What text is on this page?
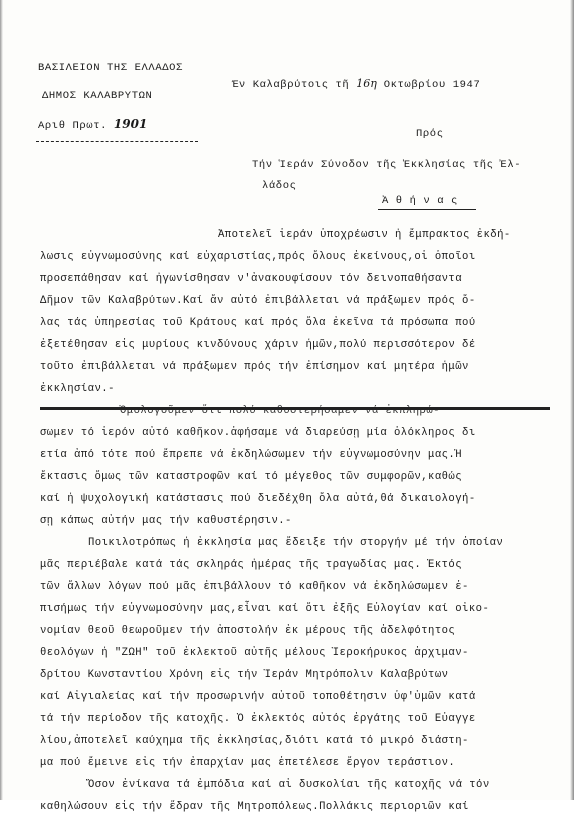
ΒΑΣΙΛΕΙΟΝ ΤΗΣ ΕΛΛΑΔΟΣ
ΔΗΜΟΣ ΚΑΛΑΒΡΥΤΩΝ
Αριθ Πρωτ. 1901
Έν Καλαβρύτοις τῆ 16η Οκτωβρίου 1947
Πρός
Τήν Ἱεράν Σύνοδον τῆς Ἐκκλησίας τῆς Ἐλ-
λάδος
Ἀ θ ή ν α ς
Ἀποτελεῖ ἱεράν ὑποχρέωσιν ἡ ἔμπρακτος ἐκδή-
λωσις εὐγνωμοσύνης καί εὐχαριστίας,πρός ὅλους ἐκείνους,οἱ ὁποῖοι
προσεπάθησαν καί ἠγωνίσθησαν ν'ἀνακουφίσουν τόν δεινοπαθήσαντα
Δῆμον τῶν Καλαβρύτων.Καί ἄν αὐτό ἐπιβάλλεται νά πράξωμεν πρός ὅ-
λας τάς ὑπηρεσίας τοῦ Κράτους καί πρός ὅλα ἐκεῖνα τά πρόσωπα πού
ἐξετέθησαν εἰς μυρίους κινδύνους χάριν ἡμῶν,πολύ περισσότερον δέ
τοῦτο ἐπιβάλλεται νά πράξωμεν πρός τήν ἐπίσημον καί μητέρα ἡμῶν
ἐκκλησίαν.-
Ὁμολογοῦμεν ὅτι πολύ καθυστερήσαμεν νά ἐκπληρώ-
σωμεν τό ἱερόν αὐτό καθῆκον.ἀφήσαμε νά διαρεύσῃ μία ὁλόκληρος δι
ετία ἀπό τότε πού ἔπρεπε νά ἐκδηλώσωμεν τήν εὐγνωμοσύνην μας.Ἡ
ἔκτασις ὅμως τῶν καταστροφῶν καί τό μέγεθος τῶν συμφορῶν,καθώς
καί ἡ ψυχολογική κατάστασις πού διεδέχθη ὅλα αὐτά,θά δικαιολογή-
σῃ κάπως αὐτήν μας τήν καθυστέρησιν.-
Ποικιλοτρόπως ἡ ἐκκλησία μας ἔδειξε τήν στοργήν μέ τήν ὁποίαν
μᾶς περιέβαλε κατά τάς σκληράς ἡμέρας τῆς τραγωδίας μας. Ἐκτός
τῶν ἄλλων λόγων πού μᾶς ἐπιβάλλουν τό καθῆκον νά ἐκδηλώσωμεν ἐ-
πισήμως τήν εὐγνωμοσύνην μας,εἶναι καί ὅτι ἐξῆς Εὐλογίαν καί οἰκο-
νομίαν θεοῦ θεωροῦμεν τήν ἀποστολήν ἐκ μέρους τῆς ἀδελφότητος
θεολόγων ἡ "ΖΩΗ" τοῦ ἐκλεκτοῦ αὐτῆς μέλους Ἱεροκήρυκος ἀρχιμαν-
δρίτου Κωνσταντίου Χρόνη εἰς τήν Ἱεράν Μητρόπολιν Καλαβρύτων
καί Αἰγιαλείας καί τήν προσωρινήν αὐτοῦ τοποθέτησιν ὑφ'ὑμῶν κατά
τά τήν περίοδον τῆς κατοχῆς. Ὁ ἐκλεκτός αὐτός ἐργάτης τοῦ Εὐαγγε
λίου,ἀποτελεῖ καύχημα τῆς ἐκκλησίας,διότι κατά τό μικρό διάστη-
μα πού ἔμεινε εἰς τήν ἐπαρχίαν μας ἐπετέλεσε ἔργον τεράστιον.
Ὅσον ἐνίκανα τά ἐμπόδια καί αἱ δυσκολίαι τῆς κατοχῆς νά τόν
καθηλώσουν εἰς τήν ἕδραν τῆς Μητροπόλεως.Πολλάκις περιοριῶν καί
